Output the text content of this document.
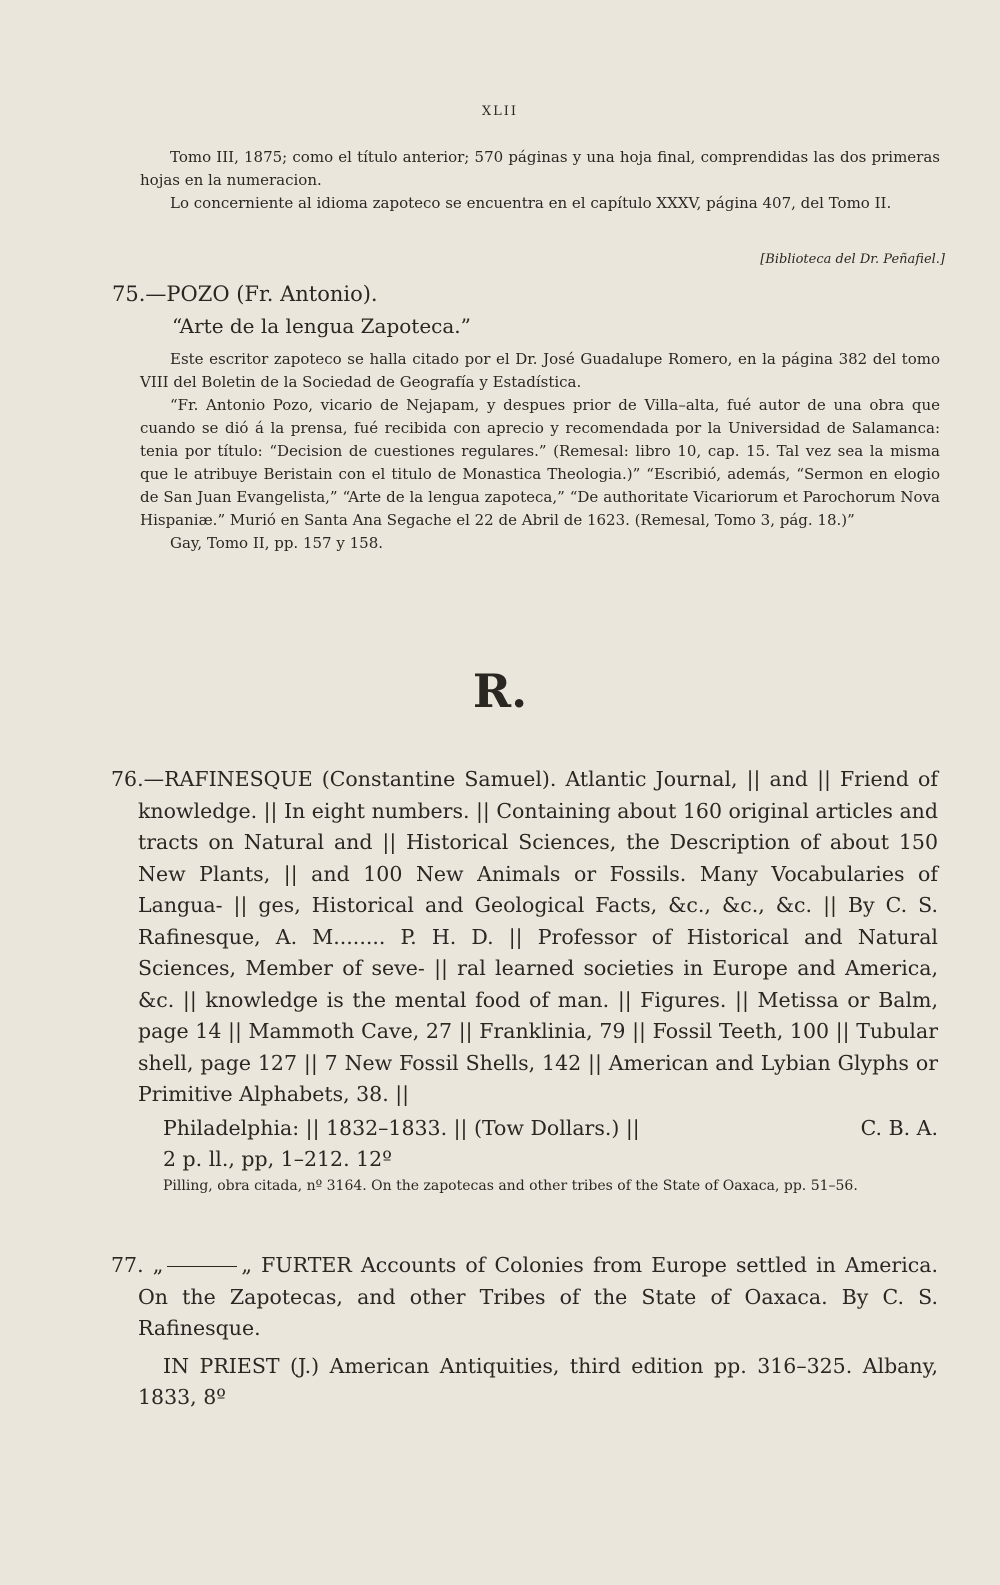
XLII

Tomo III, 1875; como el título anterior; 570 páginas y una hoja final, comprendidas las dos primeras hojas en la numeracion.

Lo concerniente al idioma zapoteco se encuentra en el capítulo XXXV, página 407, del Tomo II.

[Biblioteca del Dr. Peñafiel.]
75.—POZO (Fr. Antonio).
“Arte de la lengua Zapoteca.”

Este escritor zapoteco se halla citado por el Dr. José Guadalupe Romero, en la página 382 del tomo VIII del Boletin de la Sociedad de Geografía y Estadística.

“Fr. Antonio Pozo, vicario de Nejapam, y despues prior de Villa–alta, fué autor de una obra que cuando se dió á la prensa, fué recibida con aprecio y recomendada por la Universidad de Salamanca: tenia por título: “Decision de cuestiones regulares.” (Remesal: libro 10, cap. 15. Tal vez sea la misma que le atribuye Beristain con el titulo de Monastica Theologia.)” “Escribió, además, “Sermon en elogio de San Juan Evangelista,” “Arte de la lengua zapoteca,” “De authoritate Vicariorum et Parochorum Nova Hispaniæ.” Murió en Santa Ana Segache el 22 de Abril de 1623. (Remesal, Tomo 3, pág. 18.)”

Gay, Tomo II, pp. 157 y 158.

R.

76.—RAFINESQUE (Constantine Samuel). Atlantic Journal, || and || Friend of knowledge. || In eight numbers. || Containing about 160 original articles and tracts on Natural and || Historical Sciences, the Description of about 150 New Plants, || and 100 New Animals or Fossils. Many Vocabularies of Langua- || ges, Historical and Geological Facts, &c., &c., &c. || By C. S. Rafinesque, A. M........ P. H. D. || Professor of Historical and Natural Sciences, Member of seve- || ral learned societies in Europe and America, &c. || knowledge is the mental food of man. || Figures. || Metissa or Balm, page 14 || Mammoth Cave, 27 || Franklinia, 79 || Fossil Teeth, 100 || Tubular shell, page 127 || 7 New Fossil Shells, 142 || American and Lybian Glyphs or Primitive Alphabets, 38. ||

Philadelphia: || 1832–1833. || (Tow Dollars.) ||	C. B. A.

2 p. ll., pp, 1–212. 12º

Pilling, obra citada, nº 3164. On the zapotecas and other tribes of the State of Oaxaca, pp. 51–56.

77. „	„ FURTER Accounts of Colonies from Europe settled in America. On the Zapotecas, and other Tribes of the State of Oaxaca. By C. S. Rafinesque.

IN PRIEST (J.) American Antiquities, third edition pp. 316–325. Albany, 1833, 8º
